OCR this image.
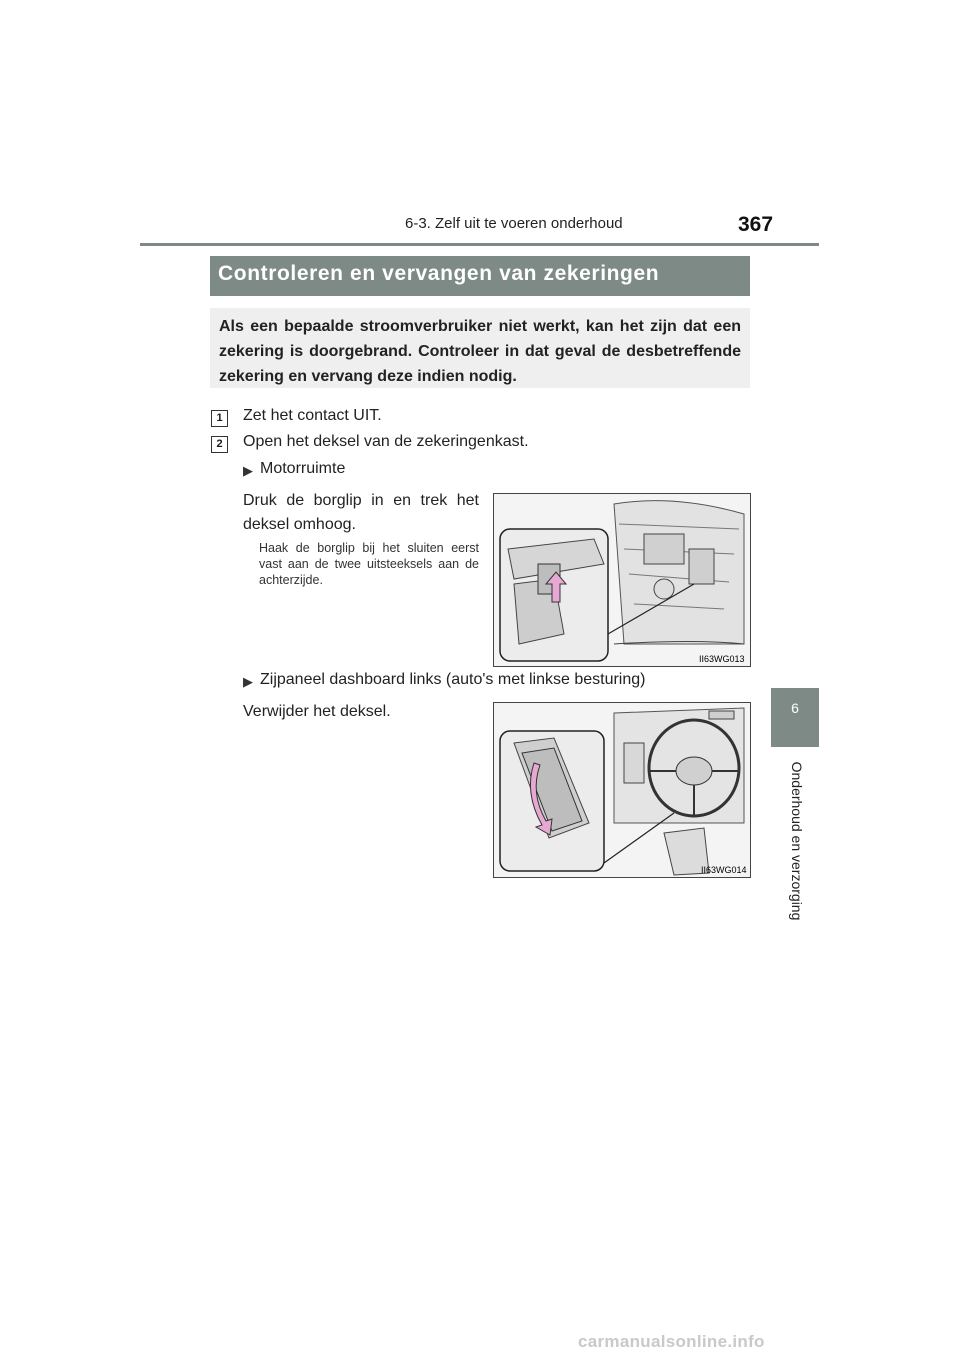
6-3. Zelf uit te voeren onderhoud	367
6
Onderhoud en verzorging
Controleren en vervangen van zekeringen
Als een bepaalde stroomverbruiker niet werkt, kan het zijn dat een zekering is doorgebrand. Controleer in dat geval de desbetreffende zekering en vervang deze indien nodig.
1	Zet het contact UIT.
2	Open het deksel van de zekeringenkast.
▶ Motorruimte
Druk de borglip in en trek het deksel omhoog.
Haak de borglip bij het sluiten eerst vast aan de twee uitsteeksels aan de achterzijde.
II63WG013
▶ Zijpaneel dashboard links (auto's met linkse besturing)
Verwijder het deksel.
II63WG014
carmanualsonline.info
